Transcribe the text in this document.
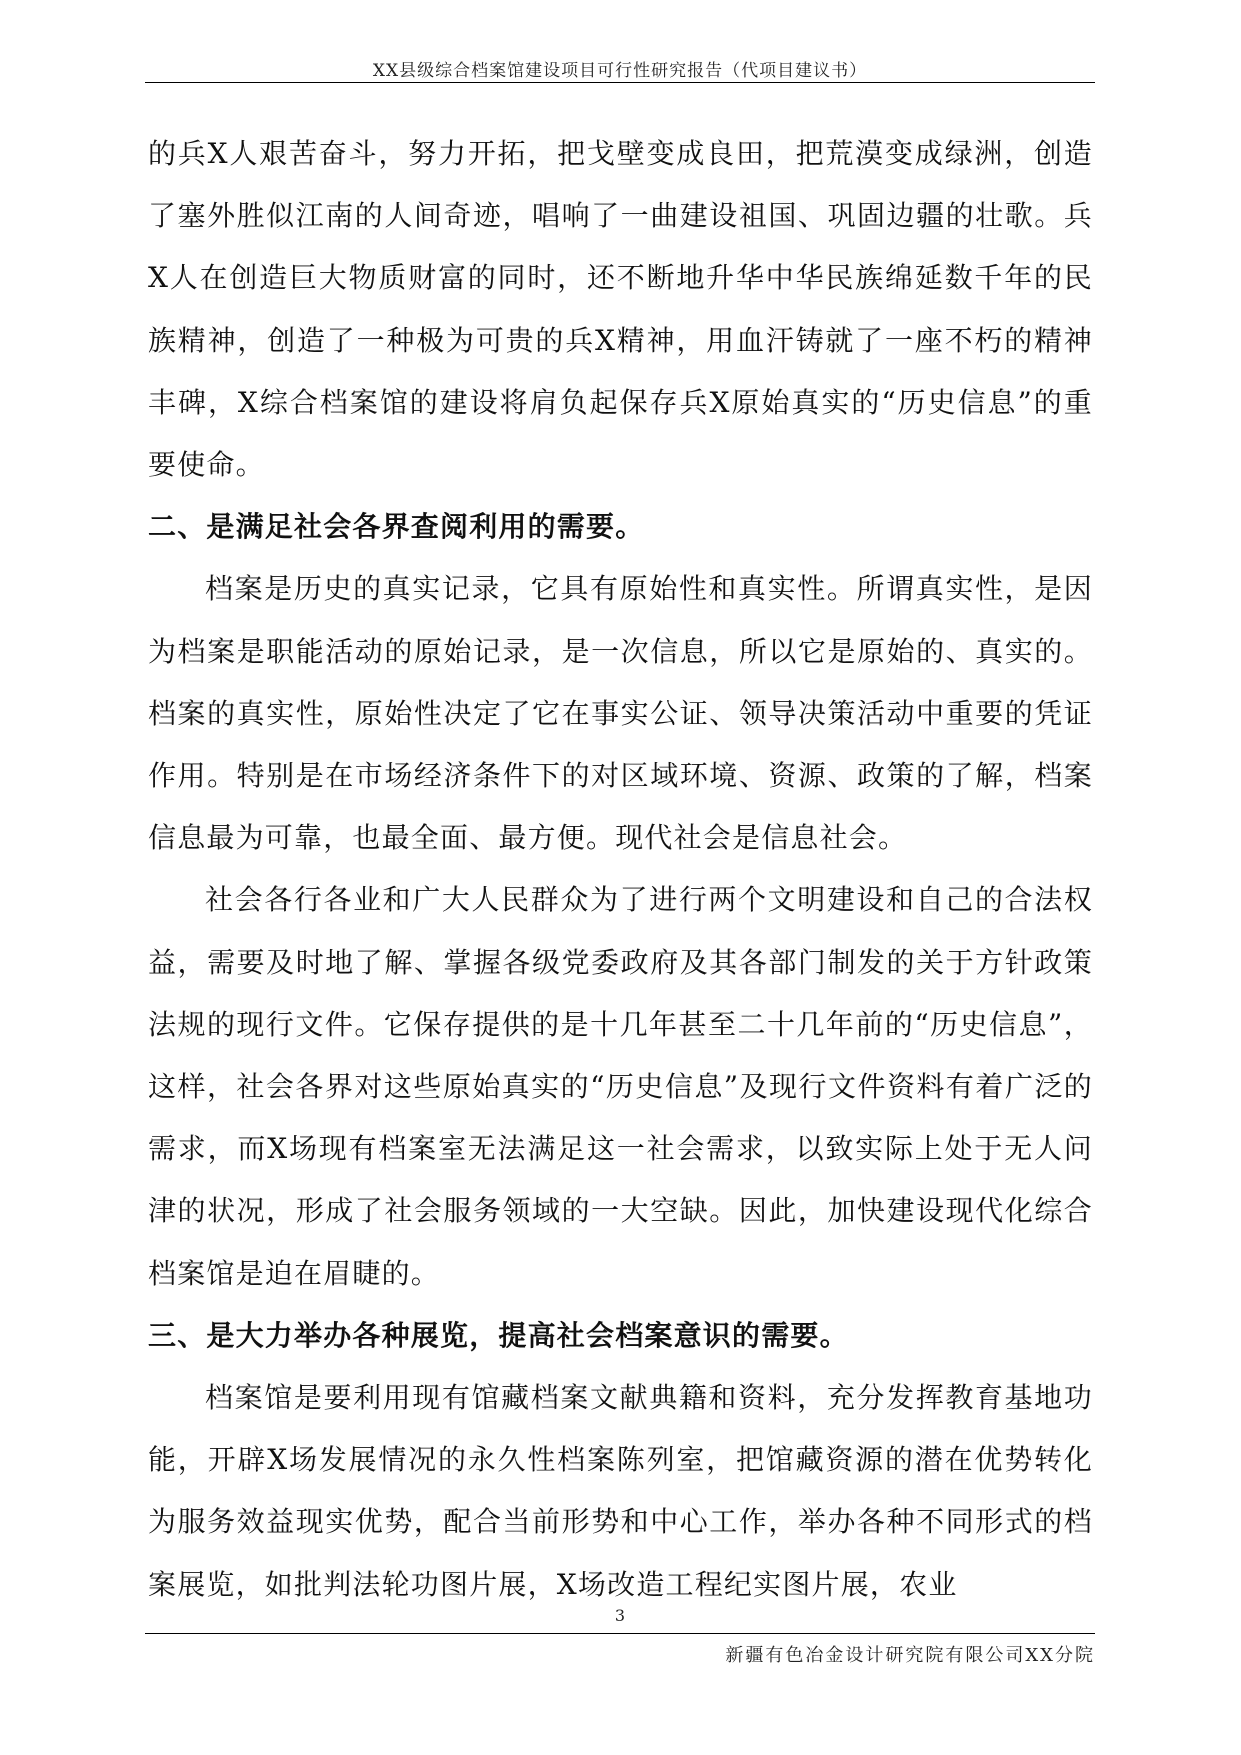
XX县级综合档案馆建设项目可行性研究报告（代项目建议书）

的兵X人艰苦奋斗，努力开拓，把戈壁变成良田，把荒漠变成绿洲，创造了塞外胜似江南的人间奇迹，唱响了一曲建设祖国、巩固边疆的壮歌。兵X人在创造巨大物质财富的同时，还不断地升华中华民族绵延数千年的民族精神，创造了一种极为可贵的兵X精神，用血汗铸就了一座不朽的精神丰碑，X综合档案馆的建设将肩负起保存兵X原始真实的“历史信息”的重要使命。

二、是满足社会各界查阅利用的需要。

档案是历史的真实记录，它具有原始性和真实性。所谓真实性，是因为档案是职能活动的原始记录，是一次信息，所以它是原始的、真实的。档案的真实性，原始性决定了它在事实公证、领导决策活动中重要的凭证作用。特别是在市场经济条件下的对区域环境、资源、政策的了解，档案信息最为可靠，也最全面、最方便。现代社会是信息社会。

社会各行各业和广大人民群众为了进行两个文明建设和自己的合法权益，需要及时地了解、掌握各级党委政府及其各部门制发的关于方针政策法规的现行文件。它保存提供的是十几年甚至二十几年前的“历史信息”，这样，社会各界对这些原始真实的“历史信息”及现行文件资料有着广泛的需求，而X场现有档案室无法满足这一社会需求，以致实际上处于无人问津的状况，形成了社会服务领域的一大空缺。因此，加快建设现代化综合档案馆是迫在眉睫的。

三、是大力举办各种展览，提高社会档案意识的需要。

档案馆是要利用现有馆藏档案文献典籍和资料，充分发挥教育基地功能，开辟X场发展情况的永久性档案陈列室，把馆藏资源的潜在优势转化为服务效益现实优势，配合当前形势和中心工作，举办各种不同形式的档案展览，如批判法轮功图片展，X场改造工程纪实图片展，农业

3
新疆有色冶金设计研究院有限公司XX分院
